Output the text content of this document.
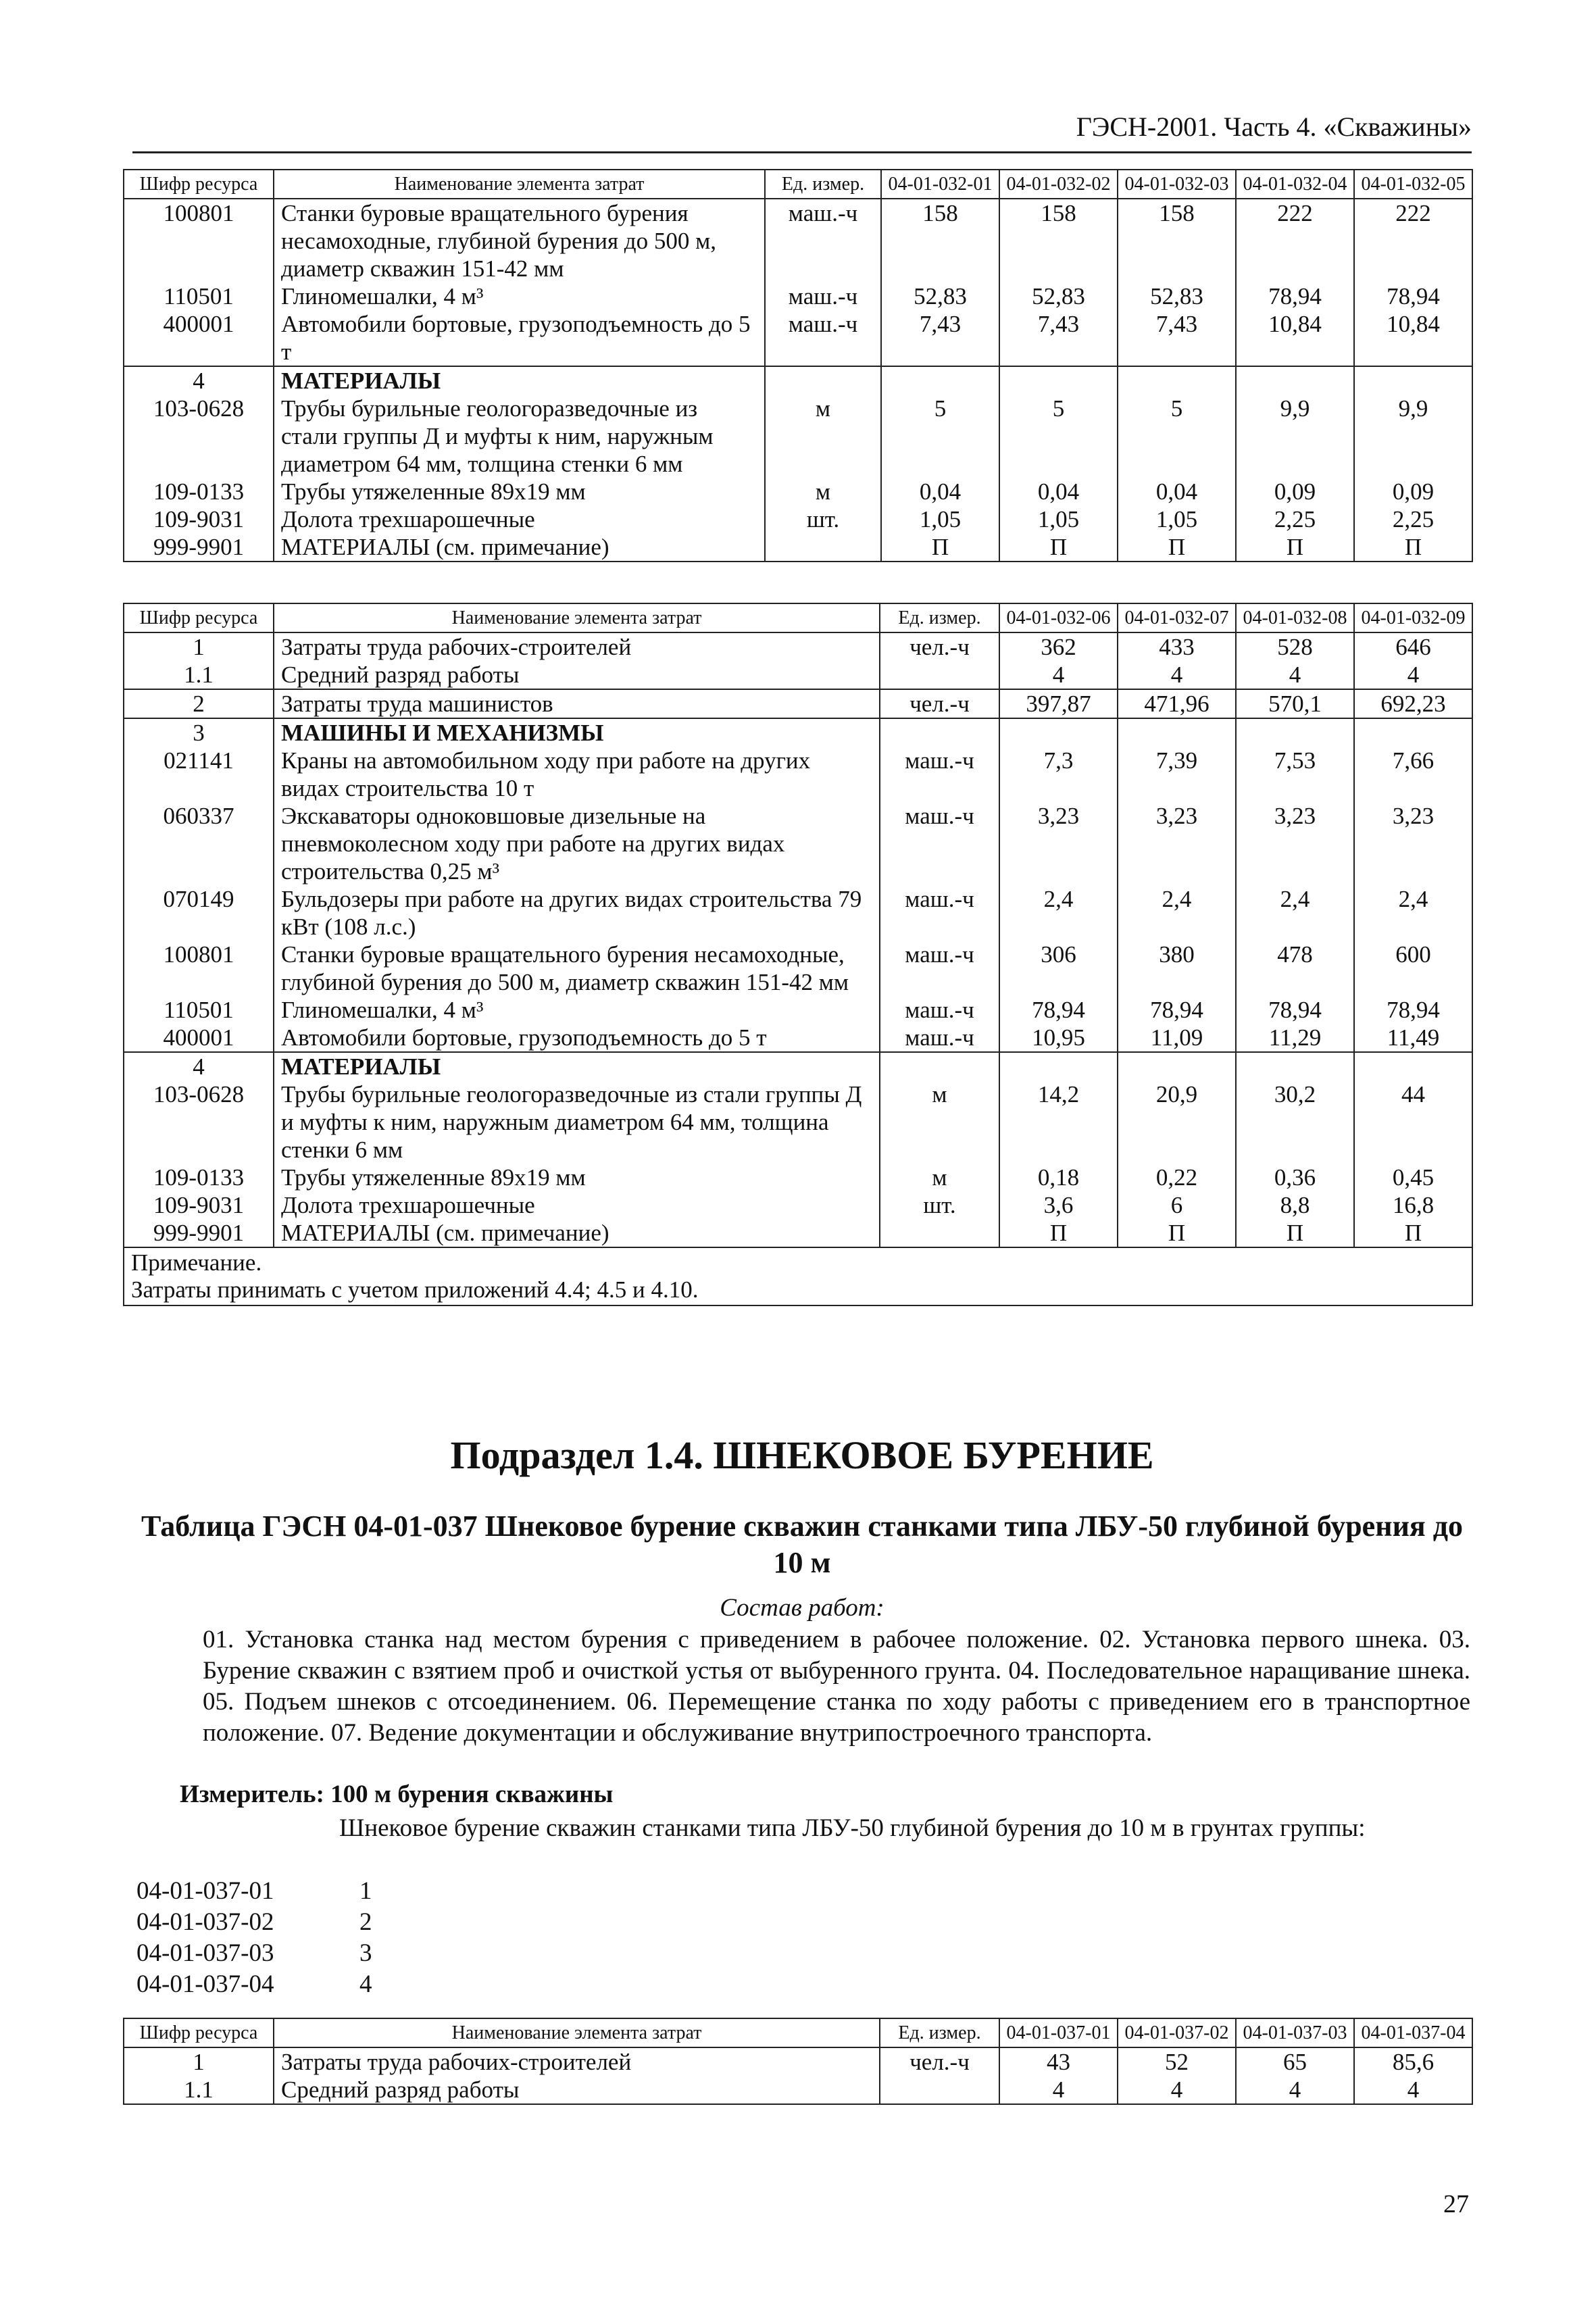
ГЭСН-2001. Часть 4. «Скважины»
Шифр ресурса	Наименование элемента затрат	Ед. измер.	04-01-032-01	04-01-032-02	04-01-032-03	04-01-032-04	04-01-032-05
100801	Станки буровые вращательного бурения несамоходные, глубиной бурения до 500 м, диаметр скважин 151-42 мм	маш.-ч	158	158	158	222	222
110501	Глиномешалки, 4 м³	маш.-ч	52,83	52,83	52,83	78,94	78,94
400001	Автомобили бортовые, грузоподъемность до 5 т	маш.-ч	7,43	7,43	7,43	10,84	10,84
4	МАТЕРИАЛЫ						
103-0628	Трубы бурильные геологоразведочные из стали группы Д и муфты к ним, наружным диаметром 64 мм, толщина стенки 6 мм	м	5	5	5	9,9	9,9
109-0133	Трубы утяжеленные 89х19 мм	м	0,04	0,04	0,04	0,09	0,09
109-9031	Долота трехшарошечные	шт.	1,05	1,05	1,05	2,25	2,25
999-9901	МАТЕРИАЛЫ (см. примечание)		П	П	П	П	П
Шифр ресурса	Наименование элемента затрат	Ед. измер.	04-01-032-06	04-01-032-07	04-01-032-08	04-01-032-09
1	Затраты труда рабочих-строителей	чел.-ч	362	433	528	646
1.1	Средний разряд работы		4	4	4	4
2	Затраты труда машинистов	чел.-ч	397,87	471,96	570,1	692,23
3	МАШИНЫ И МЕХАНИЗМЫ					
021141	Краны на автомобильном ходу при работе на других видах строительства 10 т	маш.-ч	7,3	7,39	7,53	7,66
060337	Экскаваторы одноковшовые дизельные на пневмоколесном ходу при работе на других видах строительства 0,25 м³	маш.-ч	3,23	3,23	3,23	3,23
070149	Бульдозеры при работе на других видах строительства 79 кВт (108 л.с.)	маш.-ч	2,4	2,4	2,4	2,4
100801	Станки буровые вращательного бурения несамоходные, глубиной бурения до 500 м, диаметр скважин 151-42 мм	маш.-ч	306	380	478	600
110501	Глиномешалки, 4 м³	маш.-ч	78,94	78,94	78,94	78,94
400001	Автомобили бортовые, грузоподъемность до 5 т	маш.-ч	10,95	11,09	11,29	11,49
4	МАТЕРИАЛЫ					
103-0628	Трубы бурильные геологоразведочные из стали группы Д и муфты к ним, наружным диаметром 64 мм, толщина стенки 6 мм	м	14,2	20,9	30,2	44
109-0133	Трубы утяжеленные 89х19 мм	м	0,18	0,22	0,36	0,45
109-9031	Долота трехшарошечные	шт.	3,6	6	8,8	16,8
999-9901	МАТЕРИАЛЫ (см. примечание)		П	П	П	П

Примечание.
Затраты принимать с учетом приложений 4.4; 4.5 и 4.10.						
Подраздел 1.4. ШНЕКОВОЕ БУРЕНИЕ
Таблица ГЭСН 04-01-037 Шнековое бурение скважин станками типа ЛБУ-50 глубиной бурения до 10 м
Состав работ:
01. Установка станка над местом бурения с приведением в рабочее положение. 02. Установка первого шнека. 03. Бурение скважин с взятием проб и очисткой устья от выбуренного грунта. 04. Последовательное наращивание шнека. 05. Подъем шнеков с отсоединением. 06. Перемещение станка по ходу работы с приведением его в транспортное положение. 07. Ведение документации и обслуживание внутрипостроечного транспорта.
Измеритель: 100 м бурения скважины
Шнековое бурение скважин станками типа ЛБУ-50 глубиной бурения до 10 м в грунтах группы:
04-01-037-01	1
04-01-037-02	2
04-01-037-03	3
04-01-037-04	4
Шифр ресурса	Наименование элемента затрат	Ед. измер.	04-01-037-01	04-01-037-02	04-01-037-03	04-01-037-04
1	Затраты труда рабочих-строителей	чел.-ч	43	52	65	85,6
1.1	Средний разряд работы		4	4	4	4
27
